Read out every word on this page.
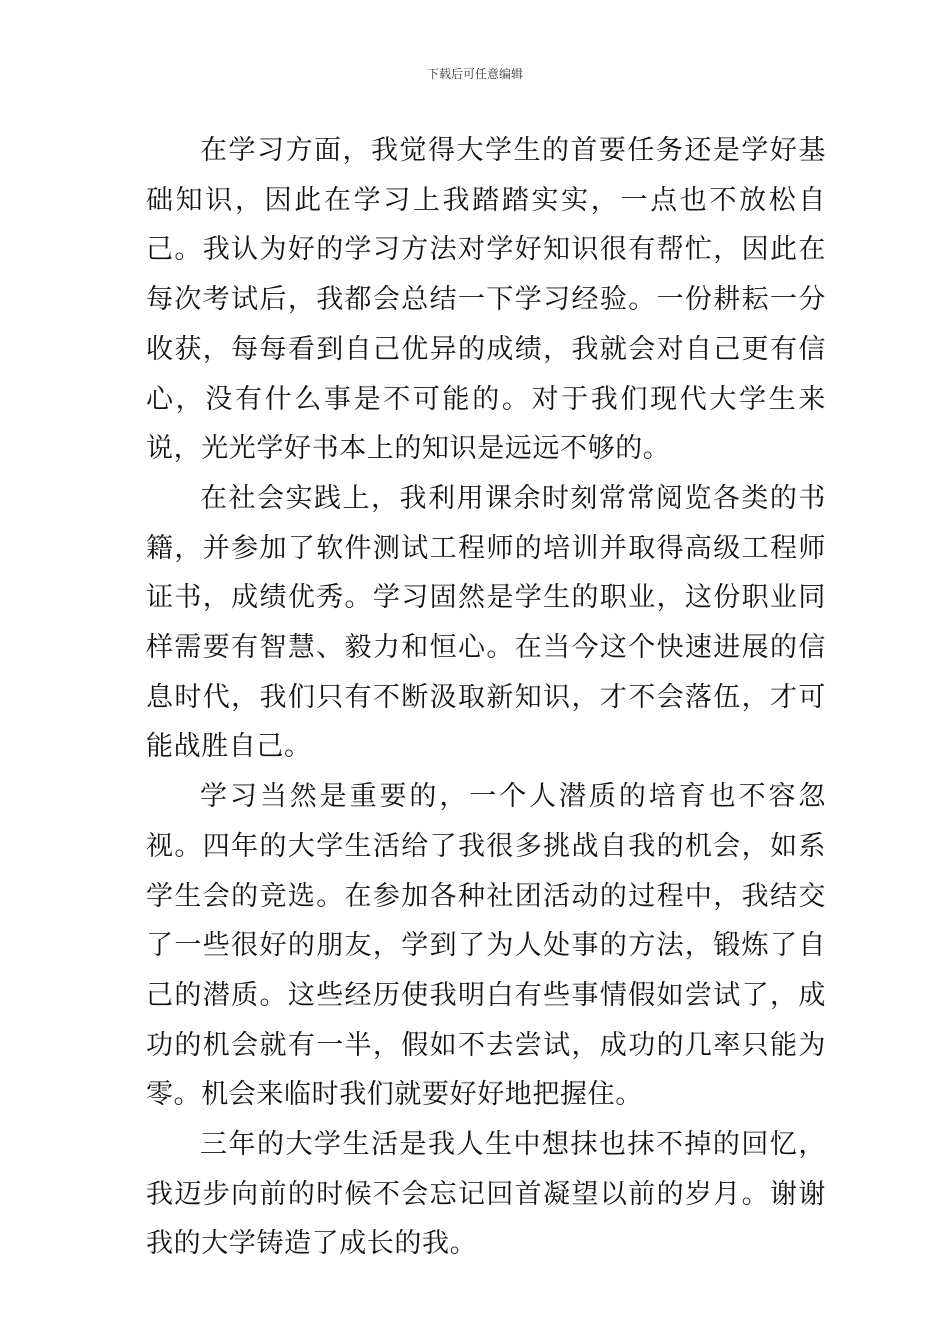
下载后可任意编辑

在学习方面，我觉得大学生的首要任务还是学好基础知识，因此在学习上我踏踏实实，一点也不放松自己。我认为好的学习方法对学好知识很有帮忙，因此在每次考试后，我都会总结一下学习经验。一份耕耘一分收获，每每看到自己优异的成绩，我就会对自己更有信心，没有什么事是不可能的。对于我们现代大学生来说，光光学好书本上的知识是远远不够的。

在社会实践上，我利用课余时刻常常阅览各类的书籍，并参加了软件测试工程师的培训并取得高级工程师证书，成绩优秀。学习固然是学生的职业，这份职业同样需要有智慧、毅力和恒心。在当今这个快速进展的信息时代，我们只有不断汲取新知识，才不会落伍，才可能战胜自己。

学习当然是重要的，一个人潜质的培育也不容忽视。四年的大学生活给了我很多挑战自我的机会，如系学生会的竞选。在参加各种社团活动的过程中，我结交了一些很好的朋友，学到了为人处事的方法，锻炼了自己的潜质。这些经历使我明白有些事情假如尝试了，成功的机会就有一半，假如不去尝试，成功的几率只能为零。机会来临时我们就要好好地把握住。

三年的大学生活是我人生中想抹也抹不掉的回忆，我迈步向前的时候不会忘记回首凝望以前的岁月。谢谢我的大学铸造了成长的我。
